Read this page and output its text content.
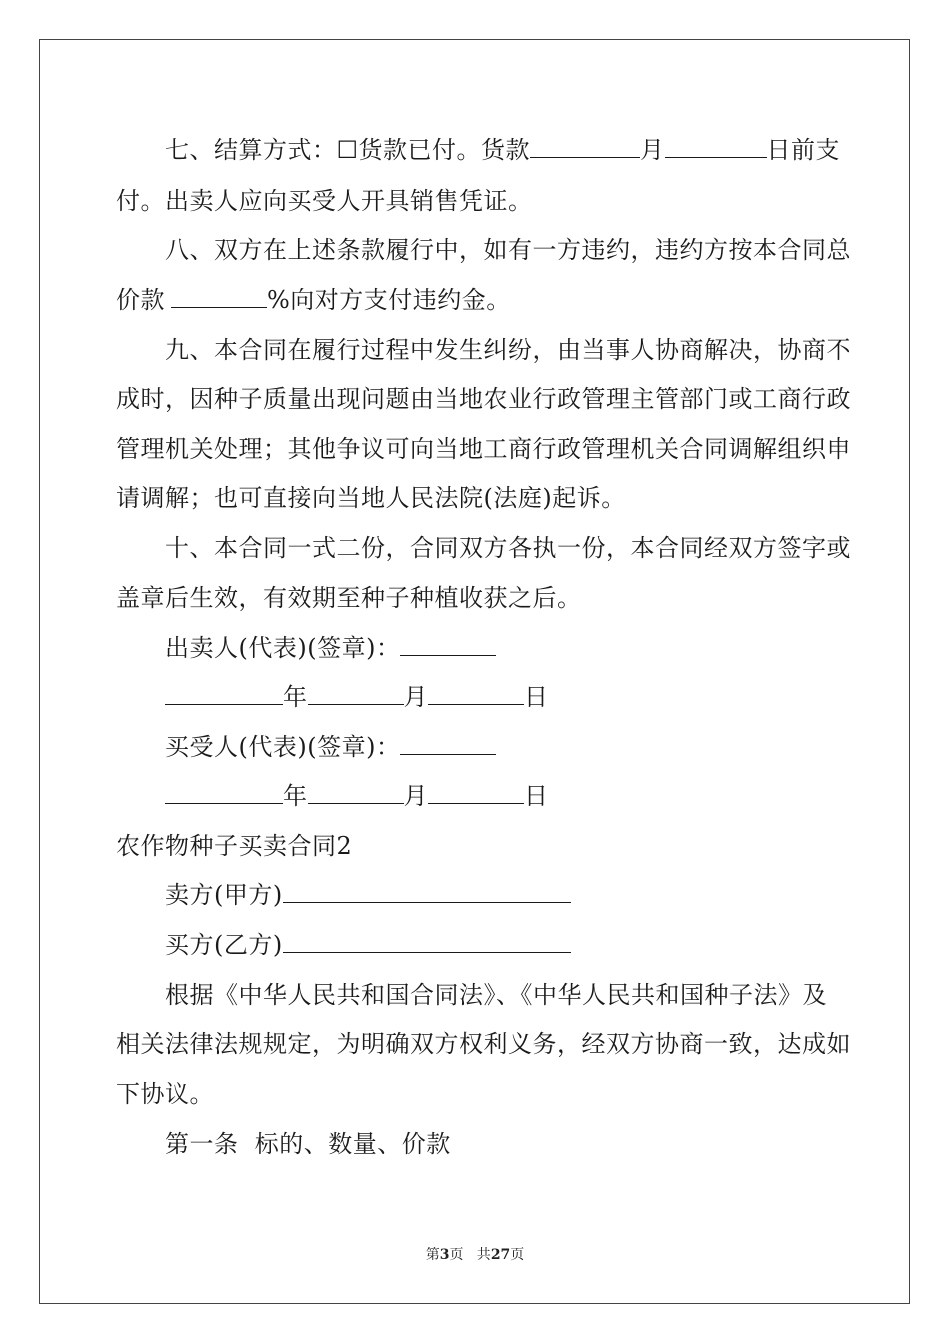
七、结算方式：☐货款已付。货款	月	日前支
付。出卖人应向买受人开具销售凭证。
八、双方在上述条款履行中，如有一方违约，违约方按本合同总
价款	%向对方支付违约金。
九、本合同在履行过程中发生纠纷，由当事人协商解决，协商不
成时，因种子质量出现问题由当地农业行政管理主管部门或工商行政
管理机关处理；其他争议可向当地工商行政管理机关合同调解组织申
请调解；也可直接向当地人民法院(法庭)起诉。
十、本合同一式二份，合同双方各执一份，本合同经双方签字或
盖章后生效，有效期至种子种植收获之后。
出卖人(代表)(签章)：
年	月	日
买受人(代表)(签章)：
年	月	日
农作物种子买卖合同2
卖方(甲方)
买方(乙方)
根据《中华人民共和国合同法》、《中华人民共和国种子法》及
相关法律法规规定，为明确双方权利义务，经双方协商一致，达成如
下协议。
第一条  标的、数量、价款
第3页   共27页
